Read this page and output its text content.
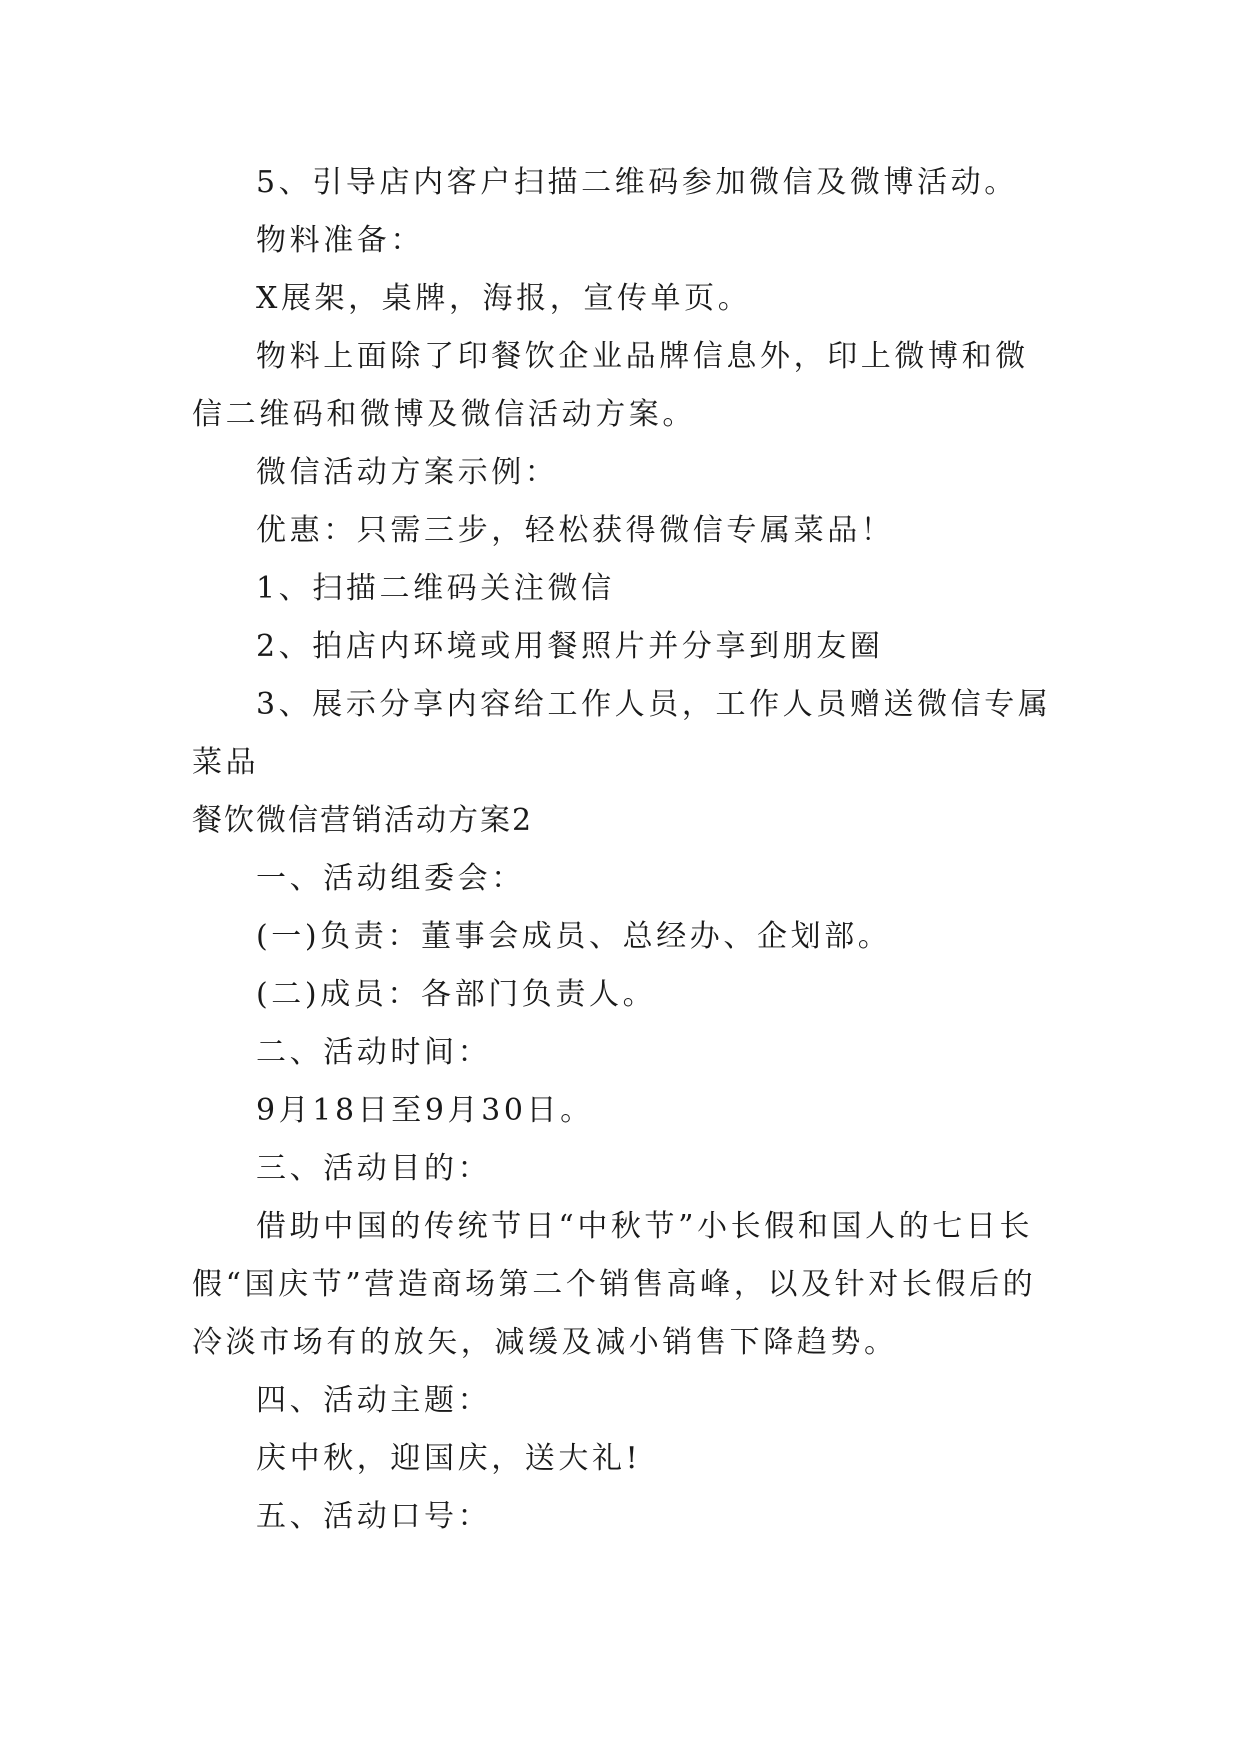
5、引导店内客户扫描二维码参加微信及微博活动。

物料准备：

X展架，桌牌，海报，宣传单页。

物料上面除了印餐饮企业品牌信息外，印上微博和微信二维码和微博及微信活动方案。

微信活动方案示例：

优惠：只需三步，轻松获得微信专属菜品！

1、扫描二维码关注微信

2、拍店内环境或用餐照片并分享到朋友圈

3、展示分享内容给工作人员，工作人员赠送微信专属菜品

餐饮微信营销活动方案2

一、活动组委会：

(一)负责：董事会成员、总经办、企划部。

(二)成员：各部门负责人。

二、活动时间：

9月18日至9月30日。

三、活动目的：

借助中国的传统节日“中秋节”小长假和国人的七日长假“国庆节”营造商场第二个销售高峰，以及针对长假后的冷淡市场有的放矢，减缓及减小销售下降趋势。

四、活动主题：

庆中秋，迎国庆，送大礼!

五、活动口号：
